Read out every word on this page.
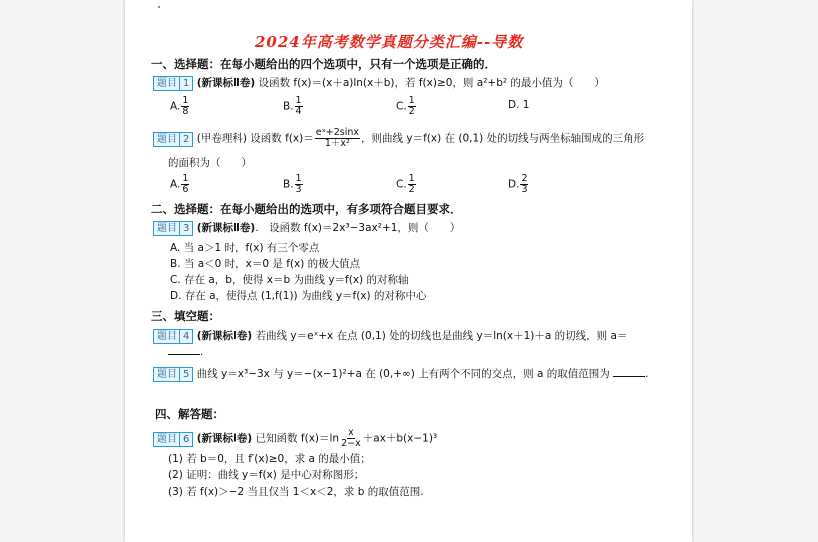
2024年高考数学真题分类汇编--导数
一、选择题：在每小题给出的四个选项中，只有一个选项是正确的．
题目 1 (新课标Ⅱ卷) 设函数 f(x)＝(x＋a)ln(x＋b)，若 f(x)≥0，则 a²+b² 的最小值为（　　）
A. $\frac{1}{8}$	B. $\frac{1}{4}$	C. $\frac{1}{2}$	D. 1
题目 2 (甲卷理科) 设函数 $f(x)= \frac{\text{eˣ+2sinx}}{\text{1＋x²}}$ ，则曲线 y＝f(x) 在 (0,1) 处的切线与两坐标轴围成的三角形
的面积为（　　）
A. $\frac{1}{6}$	B. $\frac{1}{3}$	C. $\frac{1}{2}$	D. $\frac{2}{3}$
二、选择题：在每小题给出的选项中，有多项符合题目要求．
题目 3 (新课标Ⅱ卷).　设函数 f(x)＝2x³−3ax²+1，则（　　）
A. 当 a＞1 时，f(x) 有三个零点
B. 当 a＜0 时，x＝0 是 f(x) 的极大值点
C. 存在 a，b，使得 x＝b 为曲线 y＝f(x) 的对称轴
D. 存在 a，使得点 (1,f(1)) 为曲线 y＝f(x) 的对称中心
三、填空题：
题目 4 (新课标Ⅰ卷) 若曲线 y＝eˣ+x 在点 (0,1) 处的切线也是曲线 y＝ln(x＋1)＋a 的切线，则 a＝
.
题目 5 曲线 y＝x³−3x 与 y＝−(x−1)²+a 在 (0,+∞) 上有两个不同的交点，则 a 的取值范围为	.
四、解答题：
题目 6 (新课标Ⅰ卷) 已知函数 $f(x)=\ln \frac{x}{2-x} +ax+b(x-1)^3$
(1) 若 b＝0，且 f′(x)≥0，求 a 的最小值；
(2) 证明：曲线 y＝f(x) 是中心对称图形；
(3) 若 f(x)＞−2 当且仅当 1＜x＜2，求 b 的取值范围.
